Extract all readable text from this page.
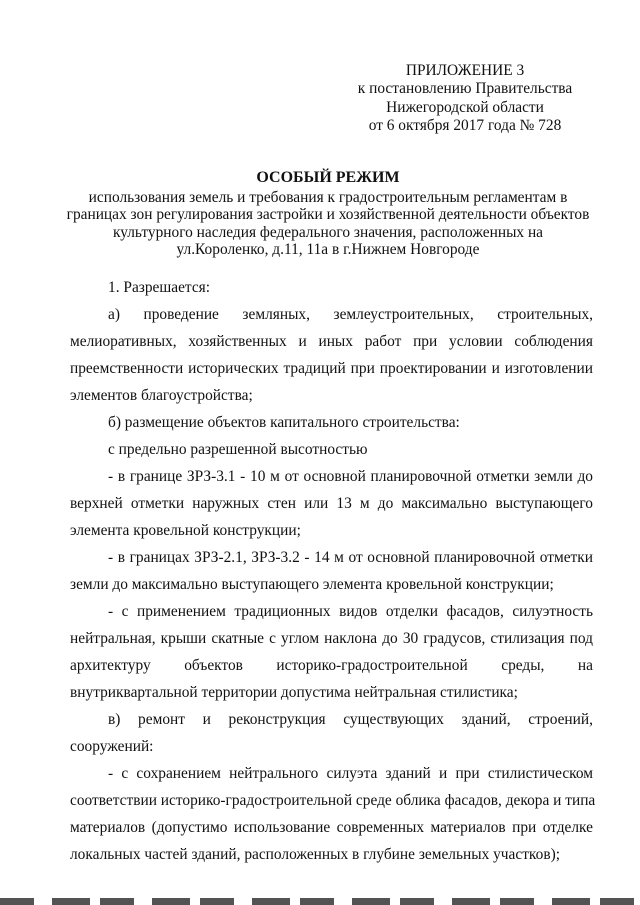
ПРИЛОЖЕНИЕ 3
к постановлению Правительства
Нижегородской области
от 6 октября 2017 года № 728
ОСОБЫЙ РЕЖИМ
использования земель и требования к градостроительным регламентам в
границах зон регулирования застройки и хозяйственной деятельности объектов
культурного наследия федерального значения, расположенных на
ул.Короленко, д.11, 11а в г.Нижнем Новгороде
1. Разрешается:
а) проведение земляных, землеустроительных, строительных,
мелиоративных, хозяйственных и иных работ при условии соблюдения
преемственности исторических традиций при проектировании и изготовлении
элементов благоустройства;
б) размещение объектов капитального строительства:
с предельно разрешенной высотностью
- в границе ЗРЗ-3.1 - 10 м от основной планировочной отметки земли до
верхней отметки наружных стен или 13 м до максимально выступающего
элемента кровельной конструкции;
- в границах ЗРЗ-2.1, ЗРЗ-3.2 - 14 м от основной планировочной отметки
земли до максимально выступающего элемента кровельной конструкции;
- с применением традиционных видов отделки фасадов, силуэтность
нейтральная, крыши скатные с углом наклона до 30 градусов, стилизация под
архитектуру объектов историко-градостроительной среды, на
внутриквартальной территории допустима нейтральная стилистика;
в) ремонт и реконструкция существующих зданий, строений,
сооружений:
- с сохранением нейтрального силуэта зданий и при стилистическом
соответствии историко-градостроительной среде облика фасадов, декора и типа
материалов (допустимо использование современных материалов при отделке
локальных частей зданий, расположенных в глубине земельных участков);
